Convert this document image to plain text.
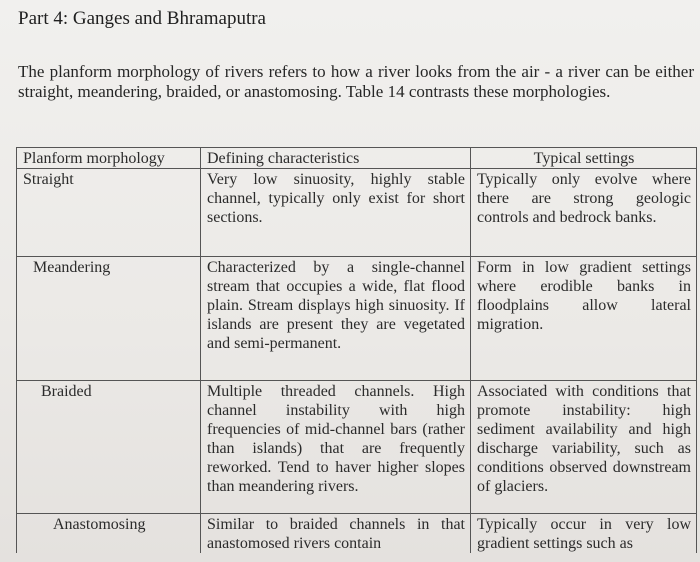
Part 4: Ganges and Bhramaputra
The planform morphology of rivers refers to how a river looks from the air - a river can be either straight, meandering, braided, or anastomosing. Table 14 contrasts these morphologies.
Planform morphology	Defining characteristics	Typical settings
Straight	Very low sinuosity, highly stable channel, typically only exist for short sections.	Typically only evolve where there are strong geologic controls and bedrock banks.
Meandering	Characterized by a single-channel stream that occupies a wide, flat flood plain. Stream displays high sinuosity. If islands are present they are vegetated and semi-permanent.	Form in low gradient settings where erodible banks in floodplains allow lateral migration.
Braided	Multiple threaded channels. High channel instability with high frequencies of mid-channel bars (rather than islands) that are frequently reworked. Tend to haver higher slopes than meandering rivers.	Associated with conditions that promote instability: high sediment availability and high discharge variability, such as conditions observed downstream of glaciers.
Anastomosing	Similar to braided channels in that anastomosed rivers contain	Typically occur in very low gradient settings such as
